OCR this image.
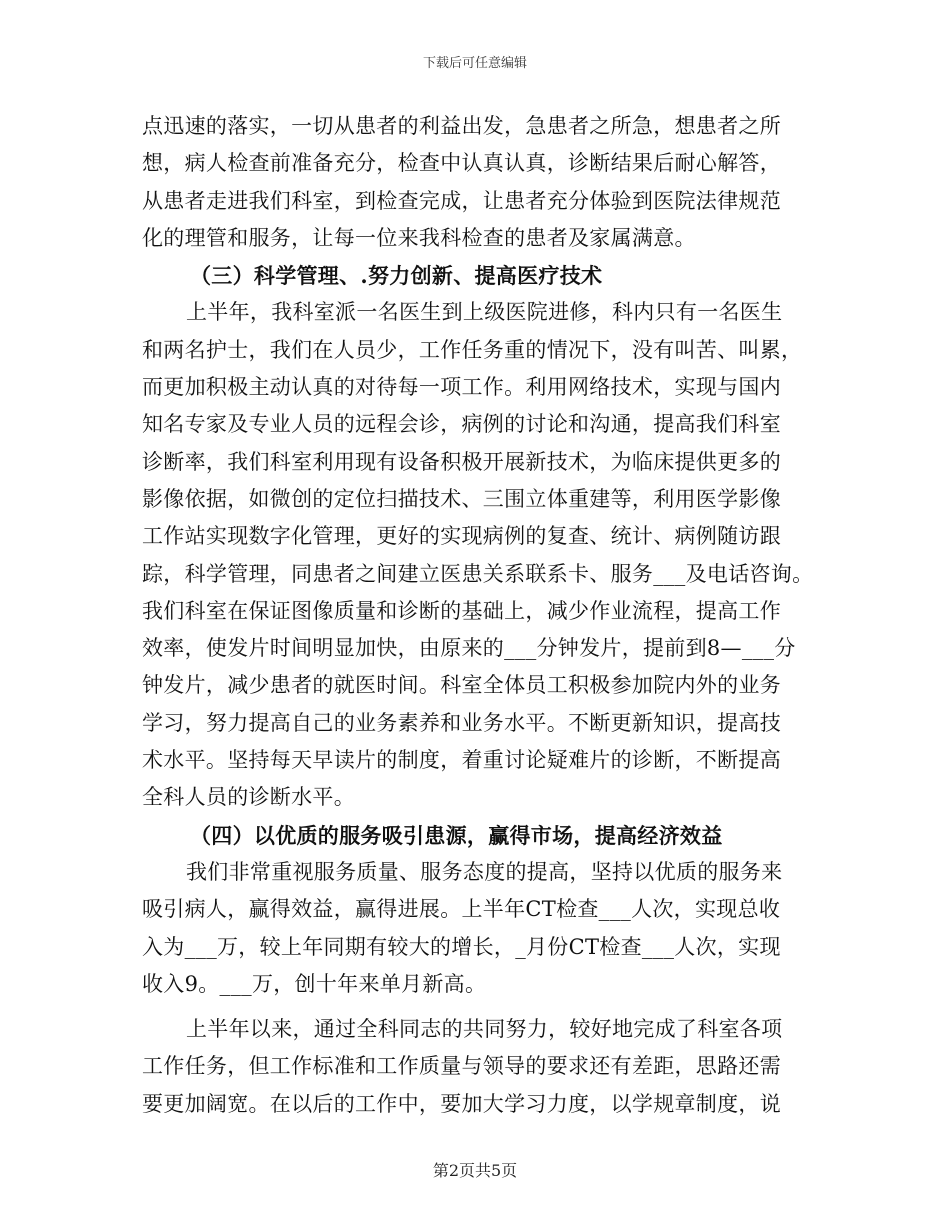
下载后可任意编辑
点迅速的落实，一切从患者的利益出发，急患者之所急，想患者之所
想，病人检查前准备充分，检查中认真认真，诊断结果后耐心解答，
从患者走进我们科室，到检查完成，让患者充分体验到医院法律规范
化的理管和服务，让每一位来我科检查的患者及家属满意。
（三）科学管理、.努力创新、提高医疗技术
上半年，我科室派一名医生到上级医院进修，科内只有一名医生
和两名护士，我们在人员少，工作任务重的情况下，没有叫苦、叫累，
而更加积极主动认真的对待每一项工作。利用网络技术，实现与国内
知名专家及专业人员的远程会诊，病例的讨论和沟通，提高我们科室
诊断率，我们科室利用现有设备积极开展新技术，为临床提供更多的
影像依据，如微创的定位扫描技术、三围立体重建等，利用医学影像
工作站实现数字化管理，更好的实现病例的复查、统计、病例随访跟
踪，科学管理，同患者之间建立医患关系联系卡、服务___及电话咨询。
我们科室在保证图像质量和诊断的基础上，减少作业流程，提高工作
效率，使发片时间明显加快，由原来的___分钟发片，提前到8—___分
钟发片，减少患者的就医时间。科室全体员工积极参加院内外的业务
学习，努力提高自己的业务素养和业务水平。不断更新知识，提高技
术水平。坚持每天早读片的制度，着重讨论疑难片的诊断，不断提高
全科人员的诊断水平。
（四）以优质的服务吸引患源，赢得市场，提高经济效益
我们非常重视服务质量、服务态度的提高，坚持以优质的服务来
吸引病人，赢得效益，赢得进展。上半年CT检查___人次，实现总收
入为___万，较上年同期有较大的增长，_月份CT检查___人次，实现
收入9。___万，创十年来单月新高。
上半年以来，通过全科同志的共同努力，较好地完成了科室各项
工作任务，但工作标准和工作质量与领导的要求还有差距，思路还需
要更加阔宽。在以后的工作中，要加大学习力度，以学规章制度，说
第2页共5页
